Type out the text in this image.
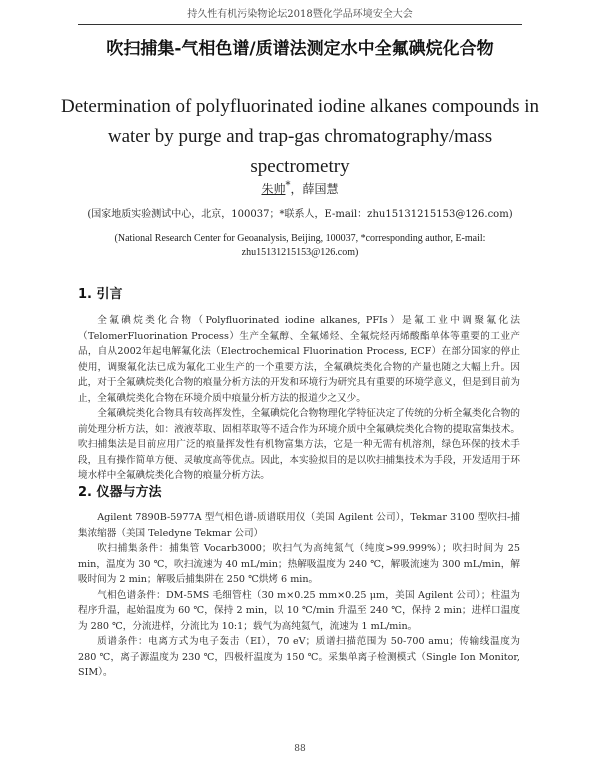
持久性有机污染物论坛2018暨化学品环境安全大会
吹扫捕集-气相色谱/质谱法测定水中全氟碘烷化合物
Determination of polyfluorinated iodine alkanes compounds in water by purge and trap-gas chromatography/mass spectrometry
朱帅*，薛国慧
(国家地质实验测试中心，北京，100037；*联系人，E-mail：zhu15131215153@126.com)
(National Research Center for Geoanalysis, Beijing, 100037, *corresponding author, E-mail: zhu15131215153@126.com)
1. 引言

全氟碘烷类化合物（Polyfluorinated iodine alkanes, PFIs）是氟工业中调聚氟化法（TelomerFluorination Process）生产全氟醇、全氟烯烃、全氟烷烃丙烯酸酯单体等重要的工业产品，自从2002年起电解氟化法（Electrochemical Fluorination Process, ECF）在部分国家的停止使用，调聚氟化法已成为氟化工业生产的一个重要方法，全氟碘烷类化合物的产量也随之大幅上升。因此，对于全氟碘烷类化合物的痕量分析方法的开发和环境行为研究具有重要的环境学意义，但是到目前为止，全氟碘烷类化合物在环境介质中痕量分析方法的报道少之又少。

全氟碘烷类化合物具有较高挥发性，全氟碘烷化合物物理化学特征决定了传统的分析全氟类化合物的前处理分析方法，如：液液萃取、固相萃取等不适合作为环境介质中全氟碘烷类化合物的提取富集技术。吹扫捕集法是目前应用广泛的痕量挥发性有机物富集方法，它是一种无需有机溶剂，绿色环保的技术手段，且有操作简单方便、灵敏度高等优点。因此，本实验拟目的是以吹扫捕集技术为手段，开发适用于环境水样中全氟碘烷类化合物的痕量分析方法。

2. 仪器与方法

Agilent 7890B-5977A 型气相色谱-质谱联用仪（美国 Agilent 公司），Tekmar 3100 型吹扫-捕集浓缩器（美国 Teledyne Tekmar 公司）

吹扫捕集条件：捕集管 Vocarb3000；吹扫气为高纯氮气（纯度>99.999%）；吹扫时间为 25 min，温度为 30 ℃，吹扫流速为 40 mL/min；热解吸温度为 240 ℃，解吸流速为 300 mL/min，解吸时间为 2 min；解吸后捕集阱在 250 ℃烘烤 6 min。

气相色谱条件：DM-5MS 毛细管柱（30 m×0.25 mm×0.25 μm，美国 Agilent 公司）；柱温为程序升温，起始温度为 60 ℃，保持 2 min，以 10 ℃/min 升温至 240 ℃，保持 2 min；进样口温度为 280 ℃，分流进样，分流比为 10:1；载气为高纯氦气，流速为 1 mL/min。

质谱条件：电离方式为电子轰击（EI），70 eV；质谱扫描范围为 50-700 amu；传输线温度为 280 ℃，离子源温度为 230 ℃，四极杆温度为 150 ℃。采集单离子检测模式（Single Ion Monitor, SIM）。

88
